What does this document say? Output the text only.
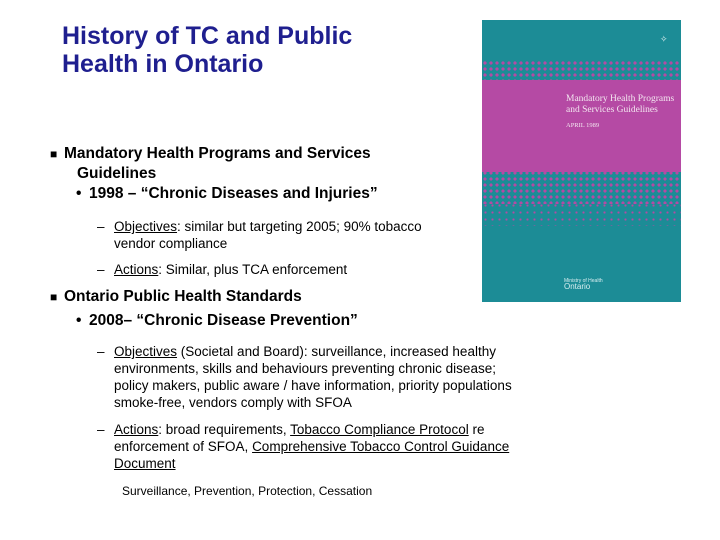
History of TC and Public
Health in Ontario
✧
Mandatory Health Programs
and Services Guidelines
APRIL 1989
Ministry of Health
Ontario
■ Mandatory Health Programs and Services
Guidelines
• 1998 – “Chronic Diseases and Injuries”
– Objectives: similar but targeting 2005; 90% tobacco
vendor compliance
– Actions: Similar, plus TCA enforcement
■ Ontario Public Health Standards
• 2008– “Chronic Disease Prevention”
– Objectives (Societal and Board): surveillance, increased healthy
environments, skills and behaviours preventing chronic disease;
policy makers, public aware / have information, priority populations
smoke-free, vendors comply with SFOA
– Actions: broad requirements, Tobacco Compliance Protocol re
enforcement of SFOA, Comprehensive Tobacco Control Guidance
Document
Surveillance, Prevention, Protection, Cessation
